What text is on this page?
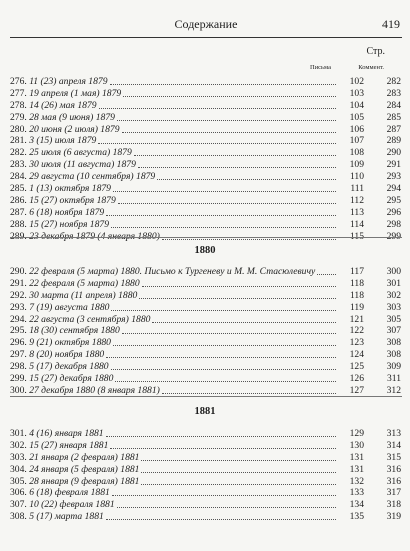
Содержание	419
Стр.
Письма	Коммент.
276. 11 (23) апреля 1879	102	282
277. 19 апреля (1 мая) 1879	103	283
278. 14 (26) мая 1879	104	284
279. 28 мая (9 июня) 1879	105	285
280. 20 июня (2 июля) 1879	106	287
281. 3 (15) июля 1879	107	289
282. 25 июля (6 августа) 1879	108	290
283. 30 июля (11 августа) 1879	109	291
284. 29 августа (10 сентября) 1879	110	293
285. 1 (13) октября 1879	111	294
286. 15 (27) октября 1879	112	295
287. 6 (18) ноября 1879	113	296
288. 15 (27) ноября 1879	114	298
289. 23 декабря 1879 (4 января 1880)	115	299
1880
290. 22 февраля (5 марта) 1880. Письмо к Тургеневу и М. М. Стасюлевичу	117	300
291. 22 февраля (5 марта) 1880	118	301
292. 30 марта (11 апреля) 1880	118	302
293. 7 (19) августа 1880	119	303
294. 22 августа (3 сентября) 1880	121	305
295. 18 (30) сентября 1880	122	307
296. 9 (21) октября 1880	123	308
297. 8 (20) ноября 1880	124	308
298. 5 (17) декабря 1880	125	309
299. 15 (27) декабря 1880	126	311
300. 27 декабря 1880 (8 января 1881)	127	312
1881
301. 4 (16) января 1881	129	313
302. 15 (27) января 1881	130	314
303. 21 января (2 февраля) 1881	131	315
304. 24 января (5 февраля) 1881	131	316
305. 28 января (9 февраля) 1881	132	316
306. 6 (18) февраля 1881	133	317
307. 10 (22) февраля 1881	134	318
308. 5 (17) марта 1881	135	319
